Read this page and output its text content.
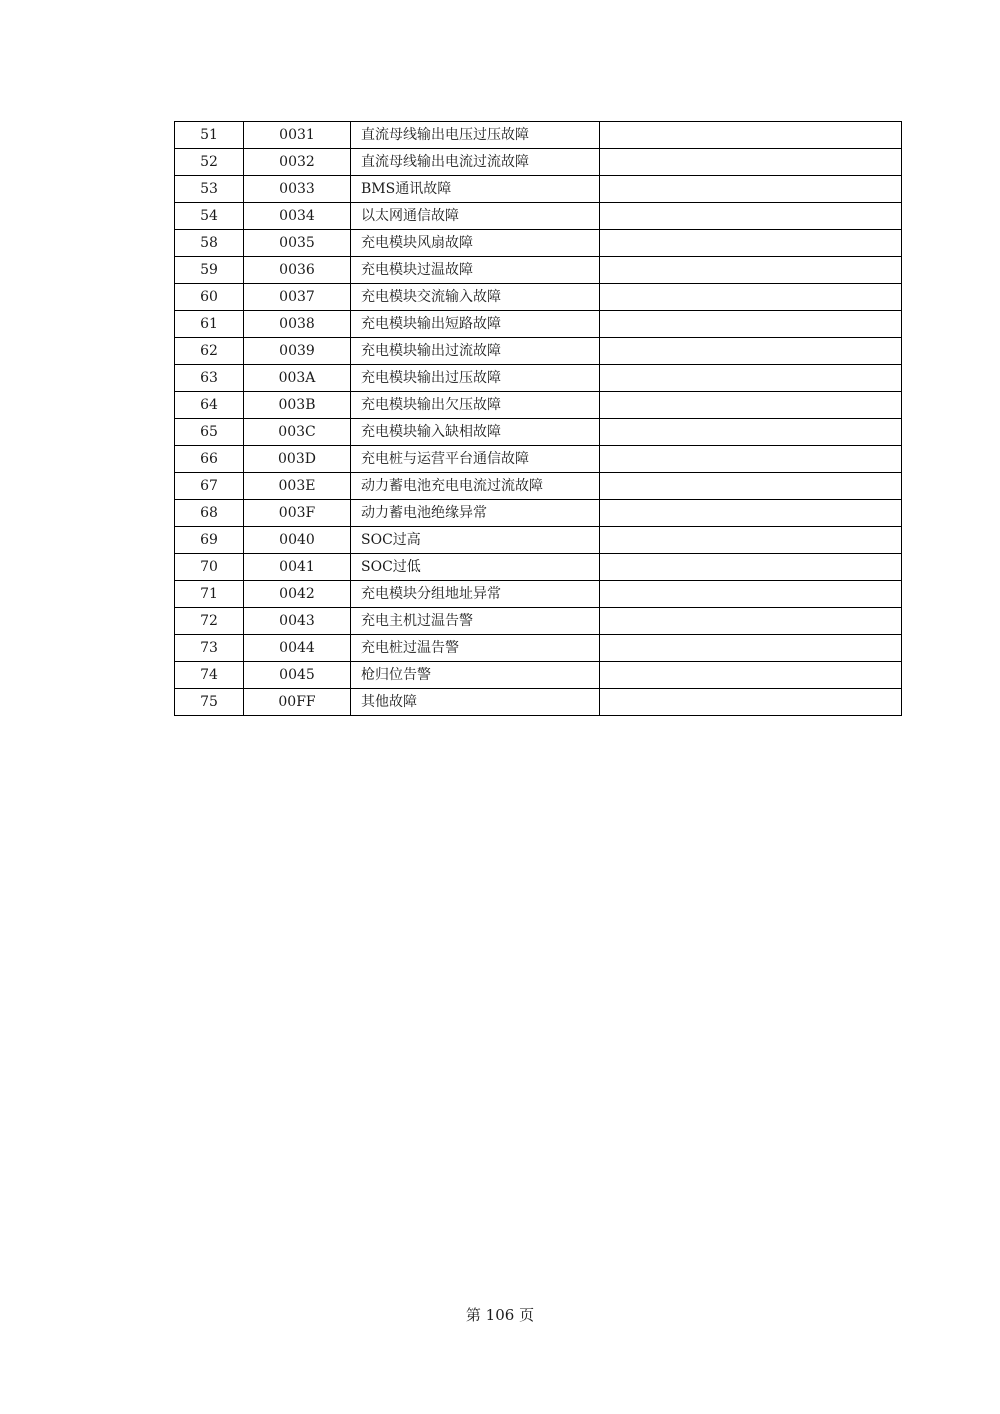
51	0031	直流母线输出电压过压故障	
52	0032	直流母线输出电流过流故障	
53	0033	BMS通讯故障	
54	0034	以太网通信故障	
58	0035	充电模块风扇故障	
59	0036	充电模块过温故障	
60	0037	充电模块交流输入故障	
61	0038	充电模块输出短路故障	
62	0039	充电模块输出过流故障	
63	003A	充电模块输出过压故障	
64	003B	充电模块输出欠压故障	
65	003C	充电模块输入缺相故障	
66	003D	充电桩与运营平台通信故障	
67	003E	动力蓄电池充电电流过流故障	
68	003F	动力蓄电池绝缘异常	
69	0040	SOC过高	
70	0041	SOC过低	
71	0042	充电模块分组地址异常	
72	0043	充电主机过温告警	
73	0044	充电桩过温告警	
74	0045	枪归位告警	
75	00FF	其他故障	
第 106 页
